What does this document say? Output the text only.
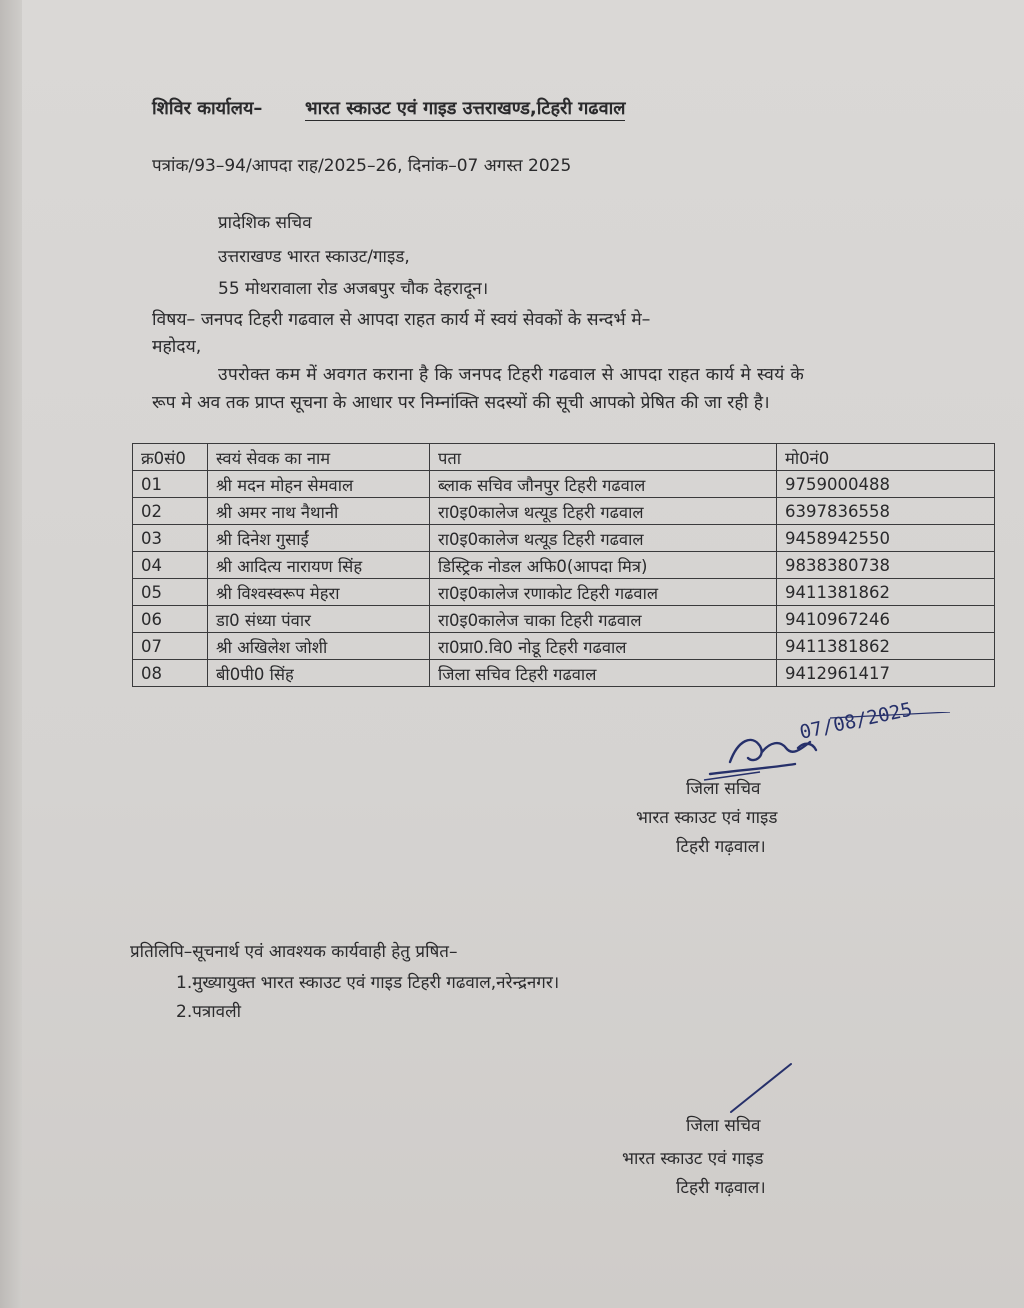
शिविर कार्यालय– भारत स्काउट एवं गाइड उत्तराखण्ड,टिहरी गढवाल
पत्रांक/93–94/आपदा राह/2025–26, दिनांक–07 अगस्त 2025
प्रादेशिक सचिव
उत्तराखण्ड भारत स्काउट/गाइड,
55 मोथरावाला रोड अजबपुर चौक देहरादून।
विषय– जनपद टिहरी गढवाल से आपदा राहत कार्य में स्वयं सेवकों के सन्दर्भ मे–
महोदय,
उपरोक्त कम में अवगत कराना है कि जनपद टिहरी गढवाल से आपदा राहत कार्य मे स्वयं के
रूप मे अव तक प्राप्त सूचना के आधार पर निम्नांक्ति सदस्यों की सूची आपको प्रेषित की जा रही है।
क्र0सं0	स्वयं सेवक का नाम	पता	मो0नं0
01	श्री मदन मोहन सेमवाल	ब्लाक सचिव जौनपुर टिहरी गढवाल	9759000488
02	श्री अमर नाथ नैथानी	रा0इ0कालेज थत्यूड टिहरी गढवाल	6397836558
03	श्री दिनेश गुसाईं	रा0इ0कालेज थत्यूड टिहरी गढवाल	9458942550
04	श्री आदित्य नारायण सिंह	डिस्ट्रिक नोडल अफि0(आपदा मित्र)	9838380738
05	श्री विश्वस्वरूप मेहरा	रा0इ0कालेज रणाकोट टिहरी गढवाल	9411381862
06	डा0 संध्या पंवार	रा0इ0कालेज चाका टिहरी गढवाल	9410967246
07	श्री अखिलेश जोशी	रा0प्रा0.वि0 नोडू टिहरी गढवाल	9411381862
08	बी0पी0 सिंह	जिला सचिव टिहरी गढवाल	9412961417
07/08/2025
जिला सचिव
भारत स्काउट एवं गाइड
टिहरी गढ़वाल।
प्रतिलिपि–सूचनार्थ एवं आवश्यक कार्यवाही हेतु प्रषित–
1.मुख्यायुक्त भारत स्काउट एवं गाइड टिहरी गढवाल,नरेन्द्रनगर।
2.पत्रावली
जिला सचिव
भारत स्काउट एवं गाइड
टिहरी गढ़वाल।
